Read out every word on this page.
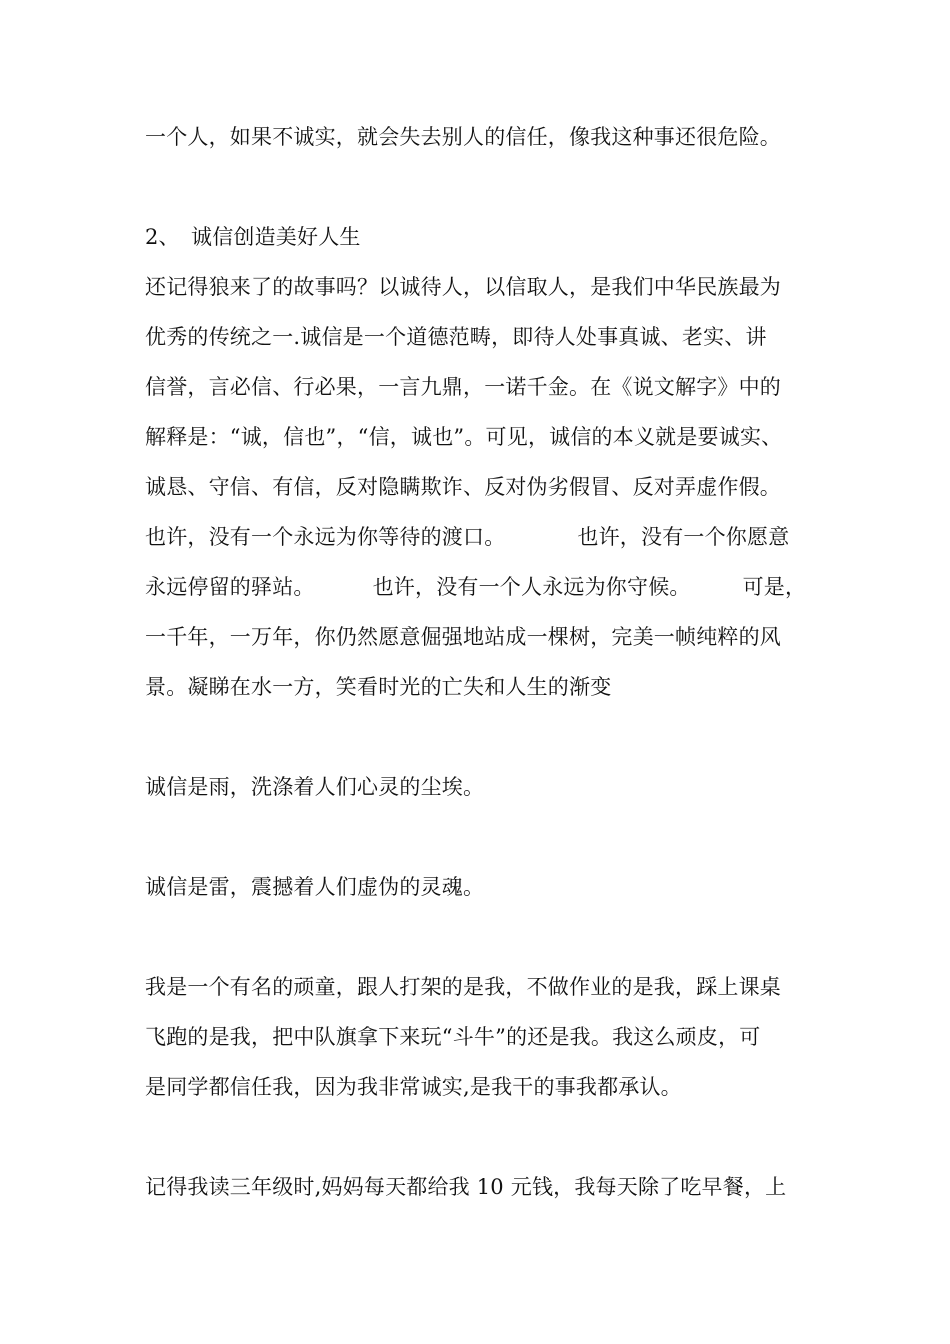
一个人，如果不诚实，就会失去别人的信任，像我这种事还很危险。
2、 诚信创造美好人生
还记得狼来了的故事吗？以诚待人，以信取人，是我们中华民族最为
优秀的传统之一.诚信是一个道德范畴，即待人处事真诚、老实、讲
信誉，言必信、行必果，一言九鼎，一诺千金。在《说文解字》中的
解释是：“诚，信也”，“信，诚也”。可见，诚信的本义就是要诚实、
诚恳、守信、有信，反对隐瞒欺诈、反对伪劣假冒、反对弄虚作假。
也许，没有一个永远为你等待的渡口。	也许，没有一个你愿意
永远停留的驿站。	也许，没有一个人永远为你守候。 可是，
一千年，一万年，你仍然愿意倔强地站成一棵树，完美一帧纯粹的风
景。凝睇在水一方，笑看时光的亡失和人生的渐变
诚信是雨，洗涤着人们心灵的尘埃。
诚信是雷，震撼着人们虚伪的灵魂。
我是一个有名的顽童，跟人打架的是我，不做作业的是我，踩上课桌
飞跑的是我，把中队旗拿下来玩“斗牛”的还是我。我这么顽皮，可
是同学都信任我，因为我非常诚实,是我干的事我都承认。
记得我读三年级时,妈妈每天都给我 10 元钱，我每天除了吃早餐，上
